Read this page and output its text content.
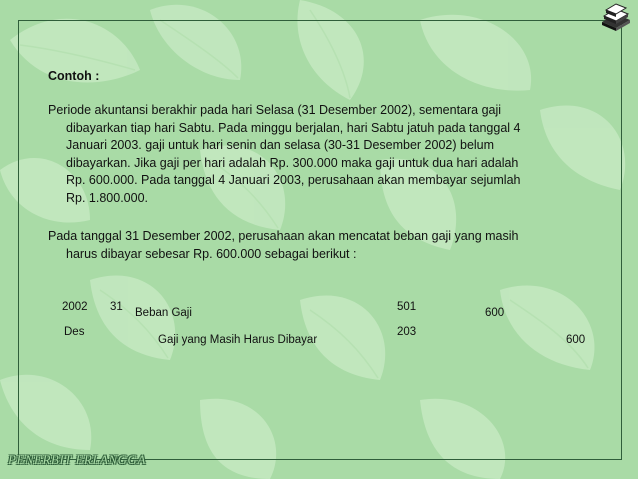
Contoh :
Periode akuntansi berakhir pada hari Selasa (31 Desember 2002), sementara gaji
dibayarkan tiap hari Sabtu. Pada minggu berjalan, hari Sabtu jatuh pada tanggal 4
Januari 2003. gaji untuk hari senin dan selasa (30-31 Desember 2002) belum
dibayarkan. Jika gaji per hari adalah Rp. 300.000 maka gaji untuk dua hari adalah
Rp. 600.000. Pada tanggal 4 Januari 2003, perusahaan akan membayar sejumlah
Rp. 1.800.000.
Pada tanggal 31 Desember 2002, perusahaan akan mencatat beban gaji yang masih
harus dibayar sebesar Rp. 600.000 sebagai berikut :
2002 31 Beban Gaji	501	600
Des
Gaji yang Masih Harus Dibayar
203
600
PENERBIT ERLANGGA
